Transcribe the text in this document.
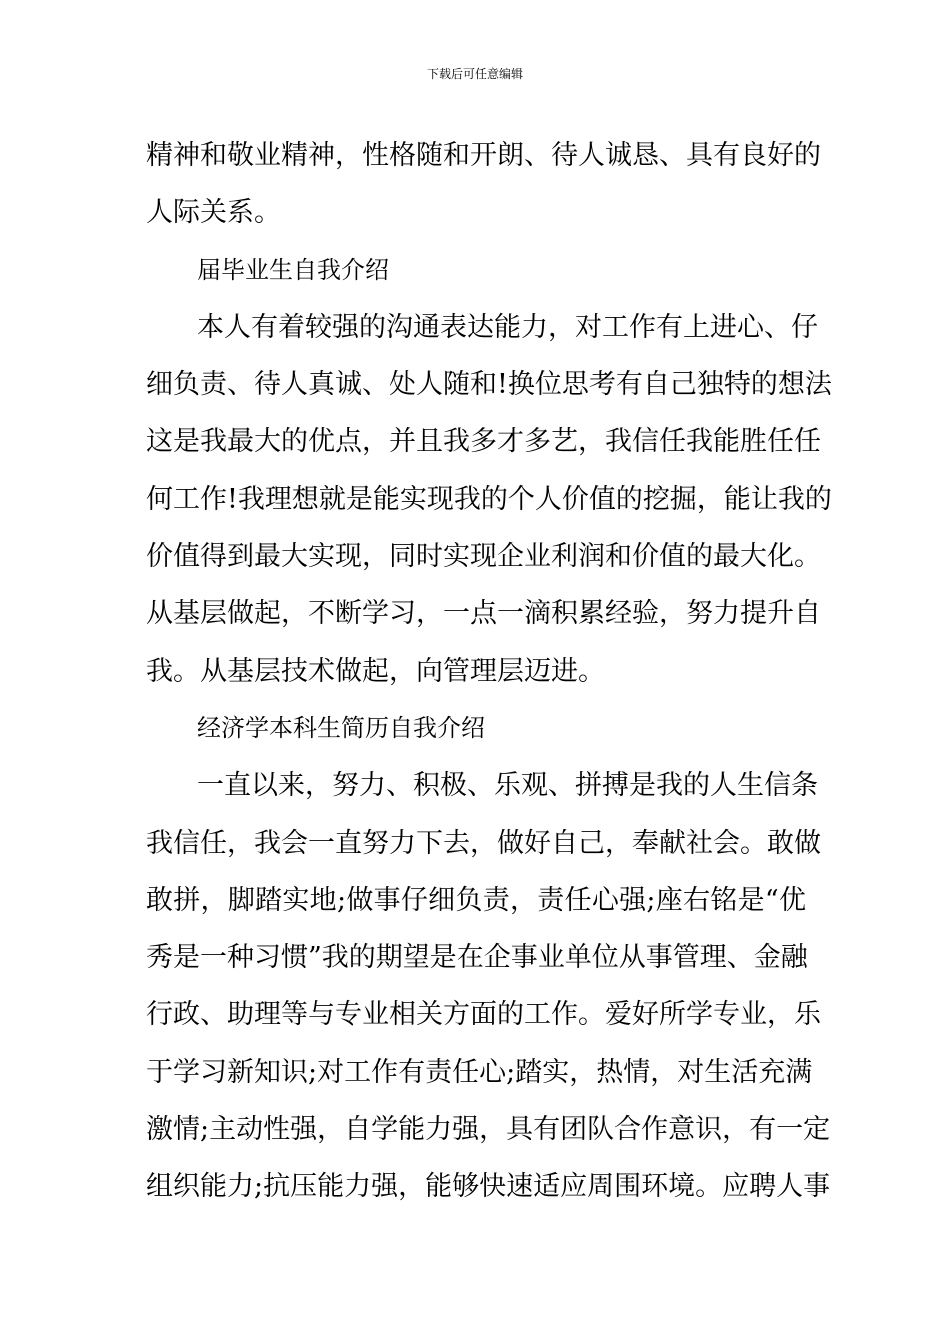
下载后可任意编辑
精神和敬业精神，性格随和开朗、待人诚恳、具有良好的
人际关系。
届毕业生自我介绍
本人有着较强的沟通表达能力，对工作有上进心、仔
细负责、待人真诚、处人随和!换位思考有自己独特的想法
这是我最大的优点，并且我多才多艺，我信任我能胜任任
何工作!我理想就是能实现我的个人价值的挖掘，能让我的
价值得到最大实现，同时实现企业利润和价值的最大化。
从基层做起，不断学习，一点一滴积累经验，努力提升自
我。从基层技术做起，向管理层迈进。
经济学本科生简历自我介绍
一直以来，努力、积极、乐观、拼搏是我的人生信条
我信任，我会一直努力下去，做好自己，奉献社会。敢做
敢拼，脚踏实地;做事仔细负责，责任心强;座右铭是“优
秀是一种习惯”我的期望是在企事业单位从事管理、金融
行政、助理等与专业相关方面的工作。爱好所学专业，乐
于学习新知识;对工作有责任心;踏实，热情，对生活充满
激情;主动性强，自学能力强，具有团队合作意识，有一定
组织能力;抗压能力强，能够快速适应周围环境。应聘人事
